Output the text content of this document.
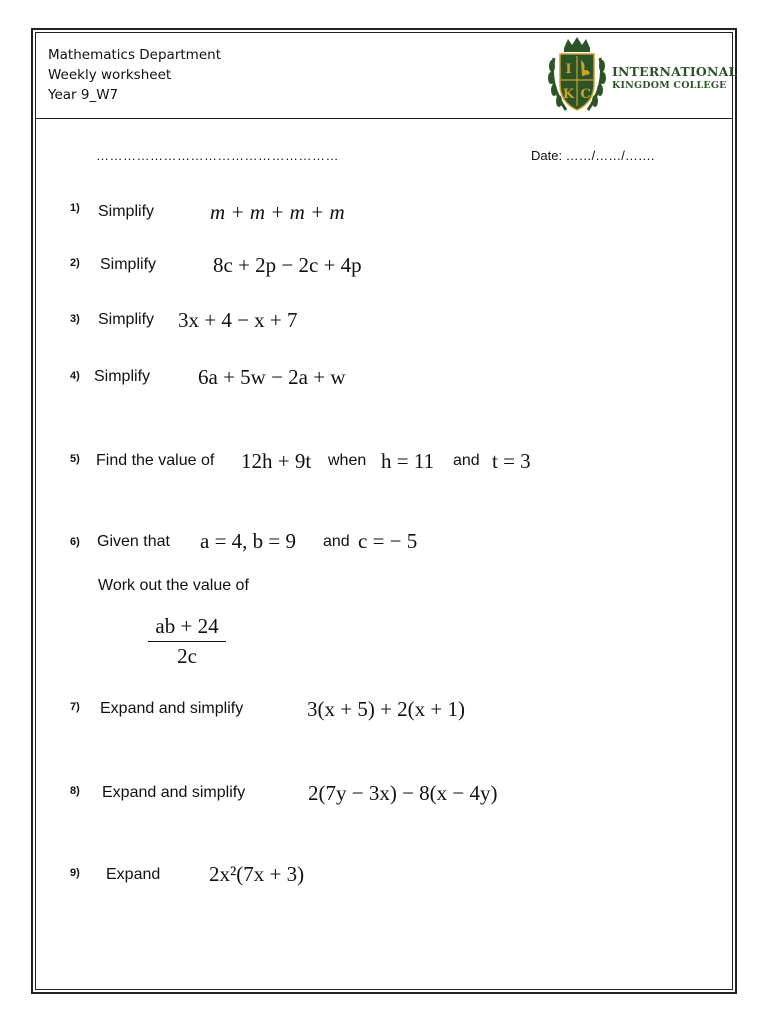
Mathematics Department
Weekly worksheet
Year 9_W7
I
K C
INTERNATIONAL
KINGDOM COLLEGE
………………………………………………	Date: ……/……/…….
1) Simplify	m + m + m + m
2) Simplify	8c + 2p − 2c + 4p
3) Simplify 3x + 4 − x + 7
4) Simplify 6a + 5w − 2a + w
5) Find the value of 12h + 9t when h = 11 and t = 3
6) Given that a = 4, b = 9 and c = − 5
Work out the value of
$\frac{ab + 24}{2c}$
7) Expand and simplify	3(x + 5) + 2(x + 1)
8) Expand and simplify	2(7y − 3x) − 8(x − 4y)
9) Expand 2x²(7x + 3)
